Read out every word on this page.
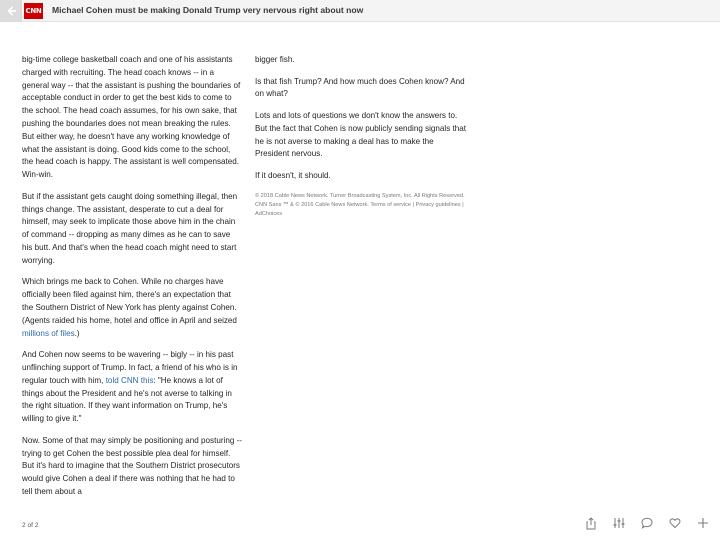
CNN Michael Cohen must be making Donald Trump very nervous right about now

big-time college basketball coach and one of his assistants charged with recruiting. The head coach knows -- in a general way -- that the assistant is pushing the boundaries of acceptable conduct in order to get the best kids to come to the school. The head coach assumes, for his own sake, that pushing the boundaries does not mean breaking the rules. But either way, he doesn't have any working knowledge of what the assistant is doing. Good kids come to the school, the head coach is happy. The assistant is well compensated. Win-win.

But if the assistant gets caught doing something illegal, then things change. The assistant, desperate to cut a deal for himself, may seek to implicate those above him in the chain of command -- dropping as many dimes as he can to save his butt. And that's when the head coach might need to start worrying.

Which brings me back to Cohen. While no charges have officially been filed against him, there's an expectation that the Southern District of New York has plenty against Cohen. (Agents raided his home, hotel and office in April and seized millions of files.)

And Cohen now seems to be wavering -- bigly -- in his past unflinching support of Trump. In fact, a friend of his who is in regular touch with him, told CNN this: "He knows a lot of things about the President and he's not averse to talking in the right situation. If they want information on Trump, he's willing to give it."

Now. Some of that may simply be positioning and posturing -- trying to get Cohen the best possible plea deal for himself. But it's hard to imagine that the Southern District prosecutors would give Cohen a deal if there was nothing that he had to tell them about a

bigger fish.

Is that fish Trump? And how much does Cohen know? And on what?

Lots and lots of questions we don't know the answers to. But the fact that Cohen is now publicly sending signals that he is not averse to making a deal has to make the President nervous.

If it doesn't, it should.

© 2018 Cable News Network. Turner Broadcasting System, Inc. All Rights Reserved. CNN Sans ™ & © 2016 Cable News Network. Terms of service | Privacy guidelines | AdChoices

2 of 2
